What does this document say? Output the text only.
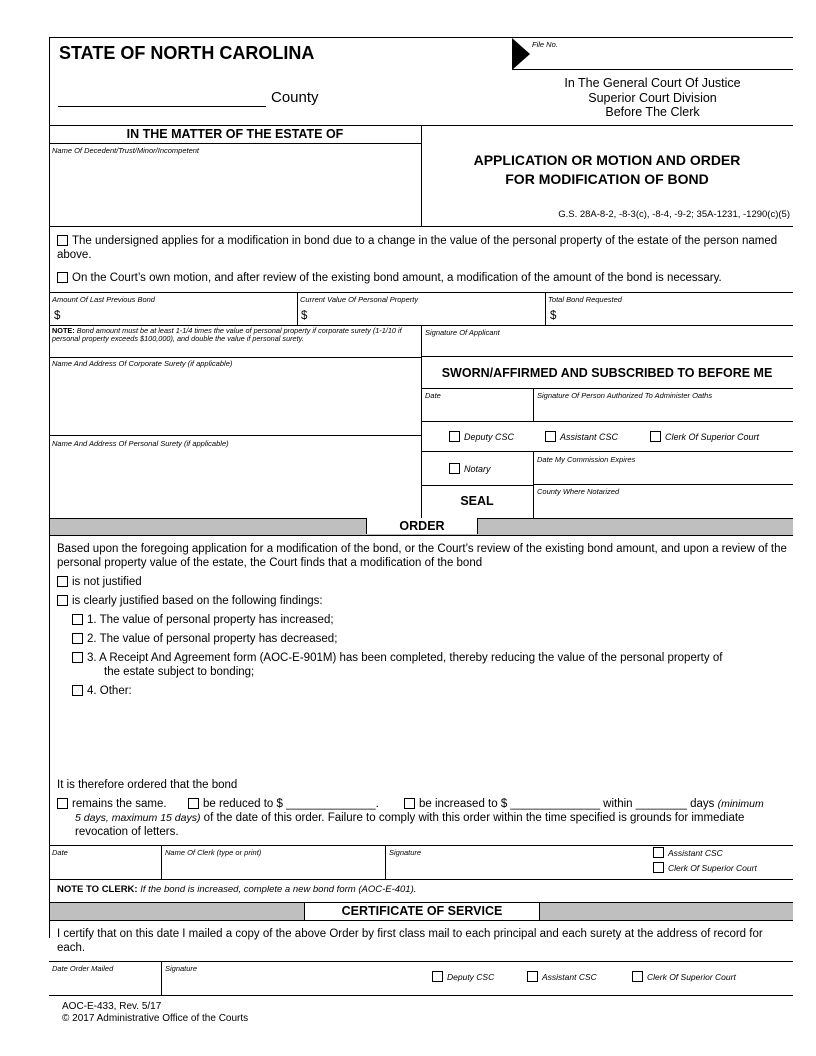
STATE OF NORTH CAROLINA
County
File No.
In The General Court Of Justice
Superior Court Division
Before The Clerk
IN THE MATTER OF THE ESTATE OF
Name Of Decedent/Trust/Minor/Incompetent
APPLICATION OR MOTION AND ORDER
FOR MODIFICATION OF BOND
G.S. 28A-8-2, -8-3(c), -8-4, -9-2; 35A-1231, -1290(c)(5)
The undersigned applies for a modification in bond due to a change in the value of the personal property of the estate of the person named above.
On the Court’s own motion, and after review of the existing bond amount, a modification of the amount of the bond is necessary.
Amount Of Last Previous Bond
$
Current Value Of Personal Property
$
Total Bond Requested
$
NOTE: Bond amount must be at least 1-1/4 times the value of personal property if corporate surety (1-1/10 if personal property exceeds $100,000), and double the value if personal surety.
Signature Of Applicant
Name And Address Of Corporate Surety (if applicable)
Name And Address Of Personal Surety (if applicable)
SWORN/AFFIRMED AND SUBSCRIBED TO BEFORE ME
Date	Signature Of Person Authorized To Administer Oaths
Deputy CSC	Assistant CSC	Clerk Of Superior Court
Notary
Date My Commission Expires
County Where Notarized
SEAL
ORDER
Based upon the foregoing application for a modification of the bond, or the Court’s review of the existing bond amount, and upon a review of the personal property value of the estate, the Court finds that a modification of the bond
is not justified
is clearly justified based on the following findings:
1. The value of personal property has increased;
2. The value of personal property has decreased;
3. A Receipt And Agreement form (AOC-E-901M) has been completed, thereby reducing the value of the personal property of
the estate subject to bonding;
4. Other:
It is therefore ordered that the bond
remains the same.	be reduced to $ ______________.	be increased to $ ______________ within ________ days (minimum
5 days, maximum 15 days) of the date of this order. Failure to comply with this order within the time specified is grounds for immediate
revocation of letters.
Date	Name Of Clerk (type or print)	Signature	Assistant CSC
Clerk Of Superior Court
NOTE TO CLERK: If the bond is increased, complete a new bond form (AOC-E-401).
CERTIFICATE OF SERVICE
I certify that on this date I mailed a copy of the above Order by first class mail to each principal and each surety at the address of record for each.
Date Order Mailed	Signature
Deputy CSC	Assistant CSC	Clerk Of Superior Court
AOC-E-433, Rev. 5/17
© 2017 Administrative Office of the Courts
